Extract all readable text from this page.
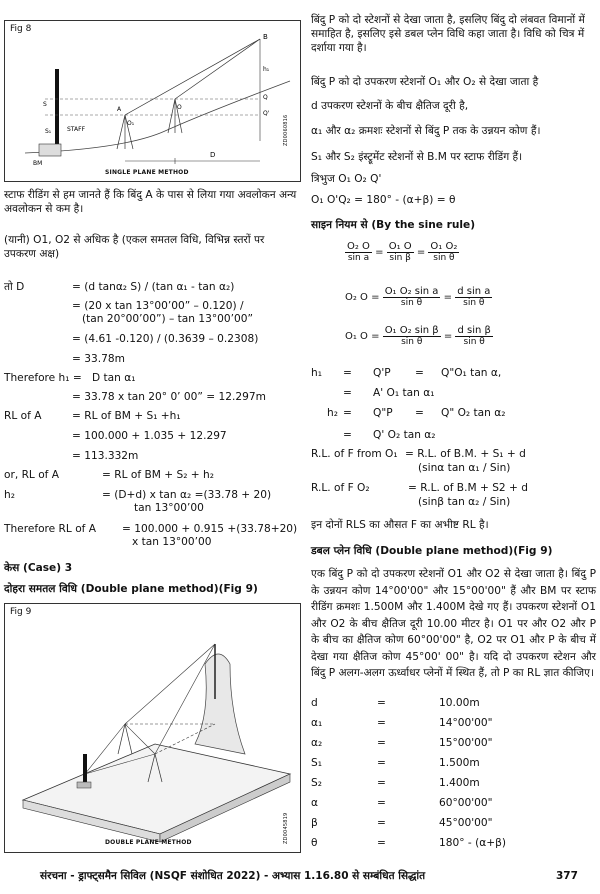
Fig 8
D
B
Q
Q'
h₁
S
S₁	STAFF
BM
A
O₁
O
SINGLE PLANE METHOD
ZD0060816
स्टाफ रीडिंग से हम जानते हैं कि बिंदु A के पास से लिया गया अवलोकन अन्य अवलोकन से कम है।
(यानी) O1, O2 से अधिक है (एकल समतल विधि, विभिन्न स्तरों पर उपकरण अक्ष)
तो D	= (d tanα₂ S) / (tan α₁ - tan α₂)
= (20 x tan 13°00’00” – 0.120) /
(tan 20°00’00”) – tan 13°00’00”
= (4.61 -0.120) / (0.3639 – 0.2308)
= 33.78m
Therefore h₁ = D tan α₁
= 33.78 x tan 20° 0’ 00” = 12.297m
RL of A	= RL of BM + S₁ +h₁
= 100.000 + 1.035 + 12.297
= 113.332m
or, RL of A	= RL of BM + S₂ + h₂
h₂	= (D+d) x tan α₂ =(33.78 + 20)
tan 13°00’00
Therefore RL of A = 100.000 + 0.915 +(33.78+20)
x tan 13°00’00
केस (Case) 3
दोहरा समतल विधि (Double plane method)(Fig 9)
Fig 9
DOUBLE PLANE METHOD	ZD0045819
बिंदु P को दो स्टेशनों से देखा जाता है, इसलिए बिंदु दो लंबवत विमानों में समाहित है, इसलिए इसे डबल प्लेन विधि कहा जाता है। विधि को चित्र में दर्शाया गया है।
बिंदु P को दो उपकरण स्टेशनों O₁ और O₂ से देखा जाता है
d उपकरण स्टेशनों के बीच क्षैतिज दूरी है,
α₁ और α₂ क्रमशः स्टेशनों से बिंदु P तक के उन्नयन कोण हैं।
S₁ और S₂ इंस्ट्रूमेंट स्टेशनों से B.M पर स्टाफ रीडिंग हैं।
त्रिभुज O₁ O₂ Q'
O₁ O'Q₂ = 180° - (α+β) = θ
साइन नियम से (By the sine rule)
$\frac{\text{O₂ O}}{\text{sin a}} = \frac{\text{O₁ O}}{\text{sin β}} = \frac{\text{O₁ O₂}}{\text{sin θ}}$
O₂ $O = \frac{\text{O₁ O₂ sin a}}{\text{sin θ}} = \frac{\text{d sin a}}{\text{sin θ}}$
O₁ $O = \frac{\text{O₁ O₂ sin β}}{\text{sin θ}} = \frac{\text{d sin β}}{\text{sin θ}}$
h₁ = Q'P = Q"O₁ tan α,
= A' O₁ tan α₁
h₂ = Q"P = Q" O₂ tan α₂
= Q' O₂ tan α₂
R.L. of F from O₁ = R.L. of B.M. + S₁ + d
(sinα tan α₁ / Sin)
R.L. of F O₂	= R.L. of B.M + S2 + d
(sinβ tan α₂ / Sin)
इन दोनों RLS का औसत F का अभीष्ट RL है।
डबल प्लेन विधि (Double plane method)(Fig 9)
एक बिंदु P को दो उपकरण स्टेशनों O1 और O2 से देखा जाता है। बिंदु P के उन्नयन कोण 14°00'00" और 15°00'00" हैं और BM पर स्टाफ रीडिंग क्रमशः 1.500M और 1.400M देखे गए हैं। उपकरण स्टेशनों O1 और O2 के बीच क्षैतिज दूरी 10.00 मीटर है। O1 पर और O2 और P के बीच का क्षैतिज कोण 60°00'00" है, O2 पर O1 और P के बीच में देखा गया क्षैतिज कोण 45°00' 00" है। यदि दो उपकरण स्टेशन और बिंदु P अलग-अलग ऊर्ध्वाधर प्लेनों में स्थित हैं, तो P का RL ज्ञात कीजिए।
d	=	10.00m
α₁	=	14°00'00"
α₂	=	15°00'00"
S₁	=	1.500m
S₂	=	1.400m
α	=	60°00'00"
β	=	45°00'00"
θ	=	180° - (α+β)
संरचना - ड्राफ्ट्समैन सिविल (NSQF संशोधित 2022) - अभ्यास 1.16.80 से सम्बंधित सिद्धांत	377
